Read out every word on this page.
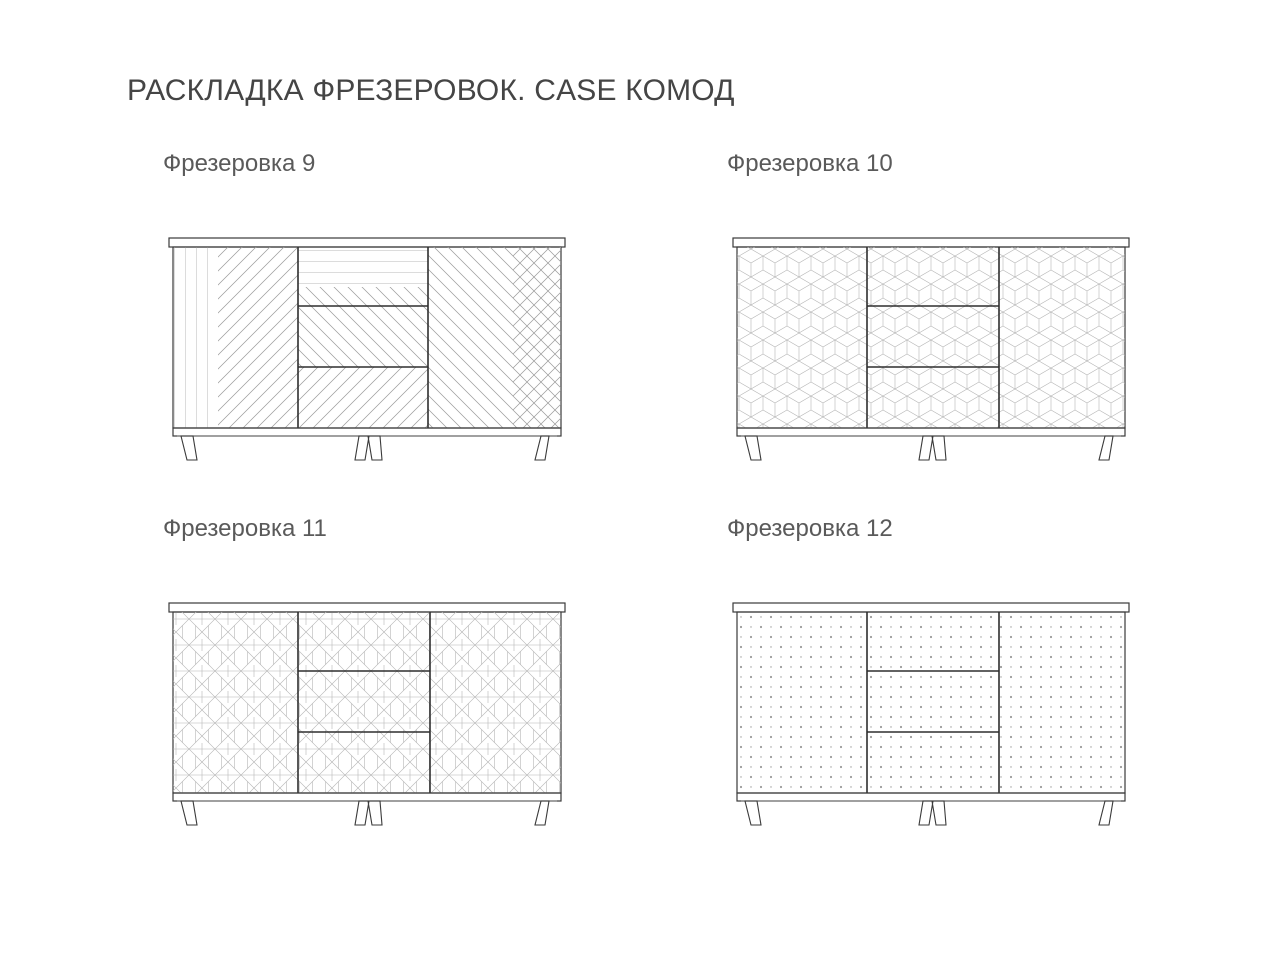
РАСКЛАДКА ФРЕЗЕРОВОК. CASE КОМОД
Фрезеровка 9	Фрезеровка 10
Фрезеровка 11	Фрезеровка 12
